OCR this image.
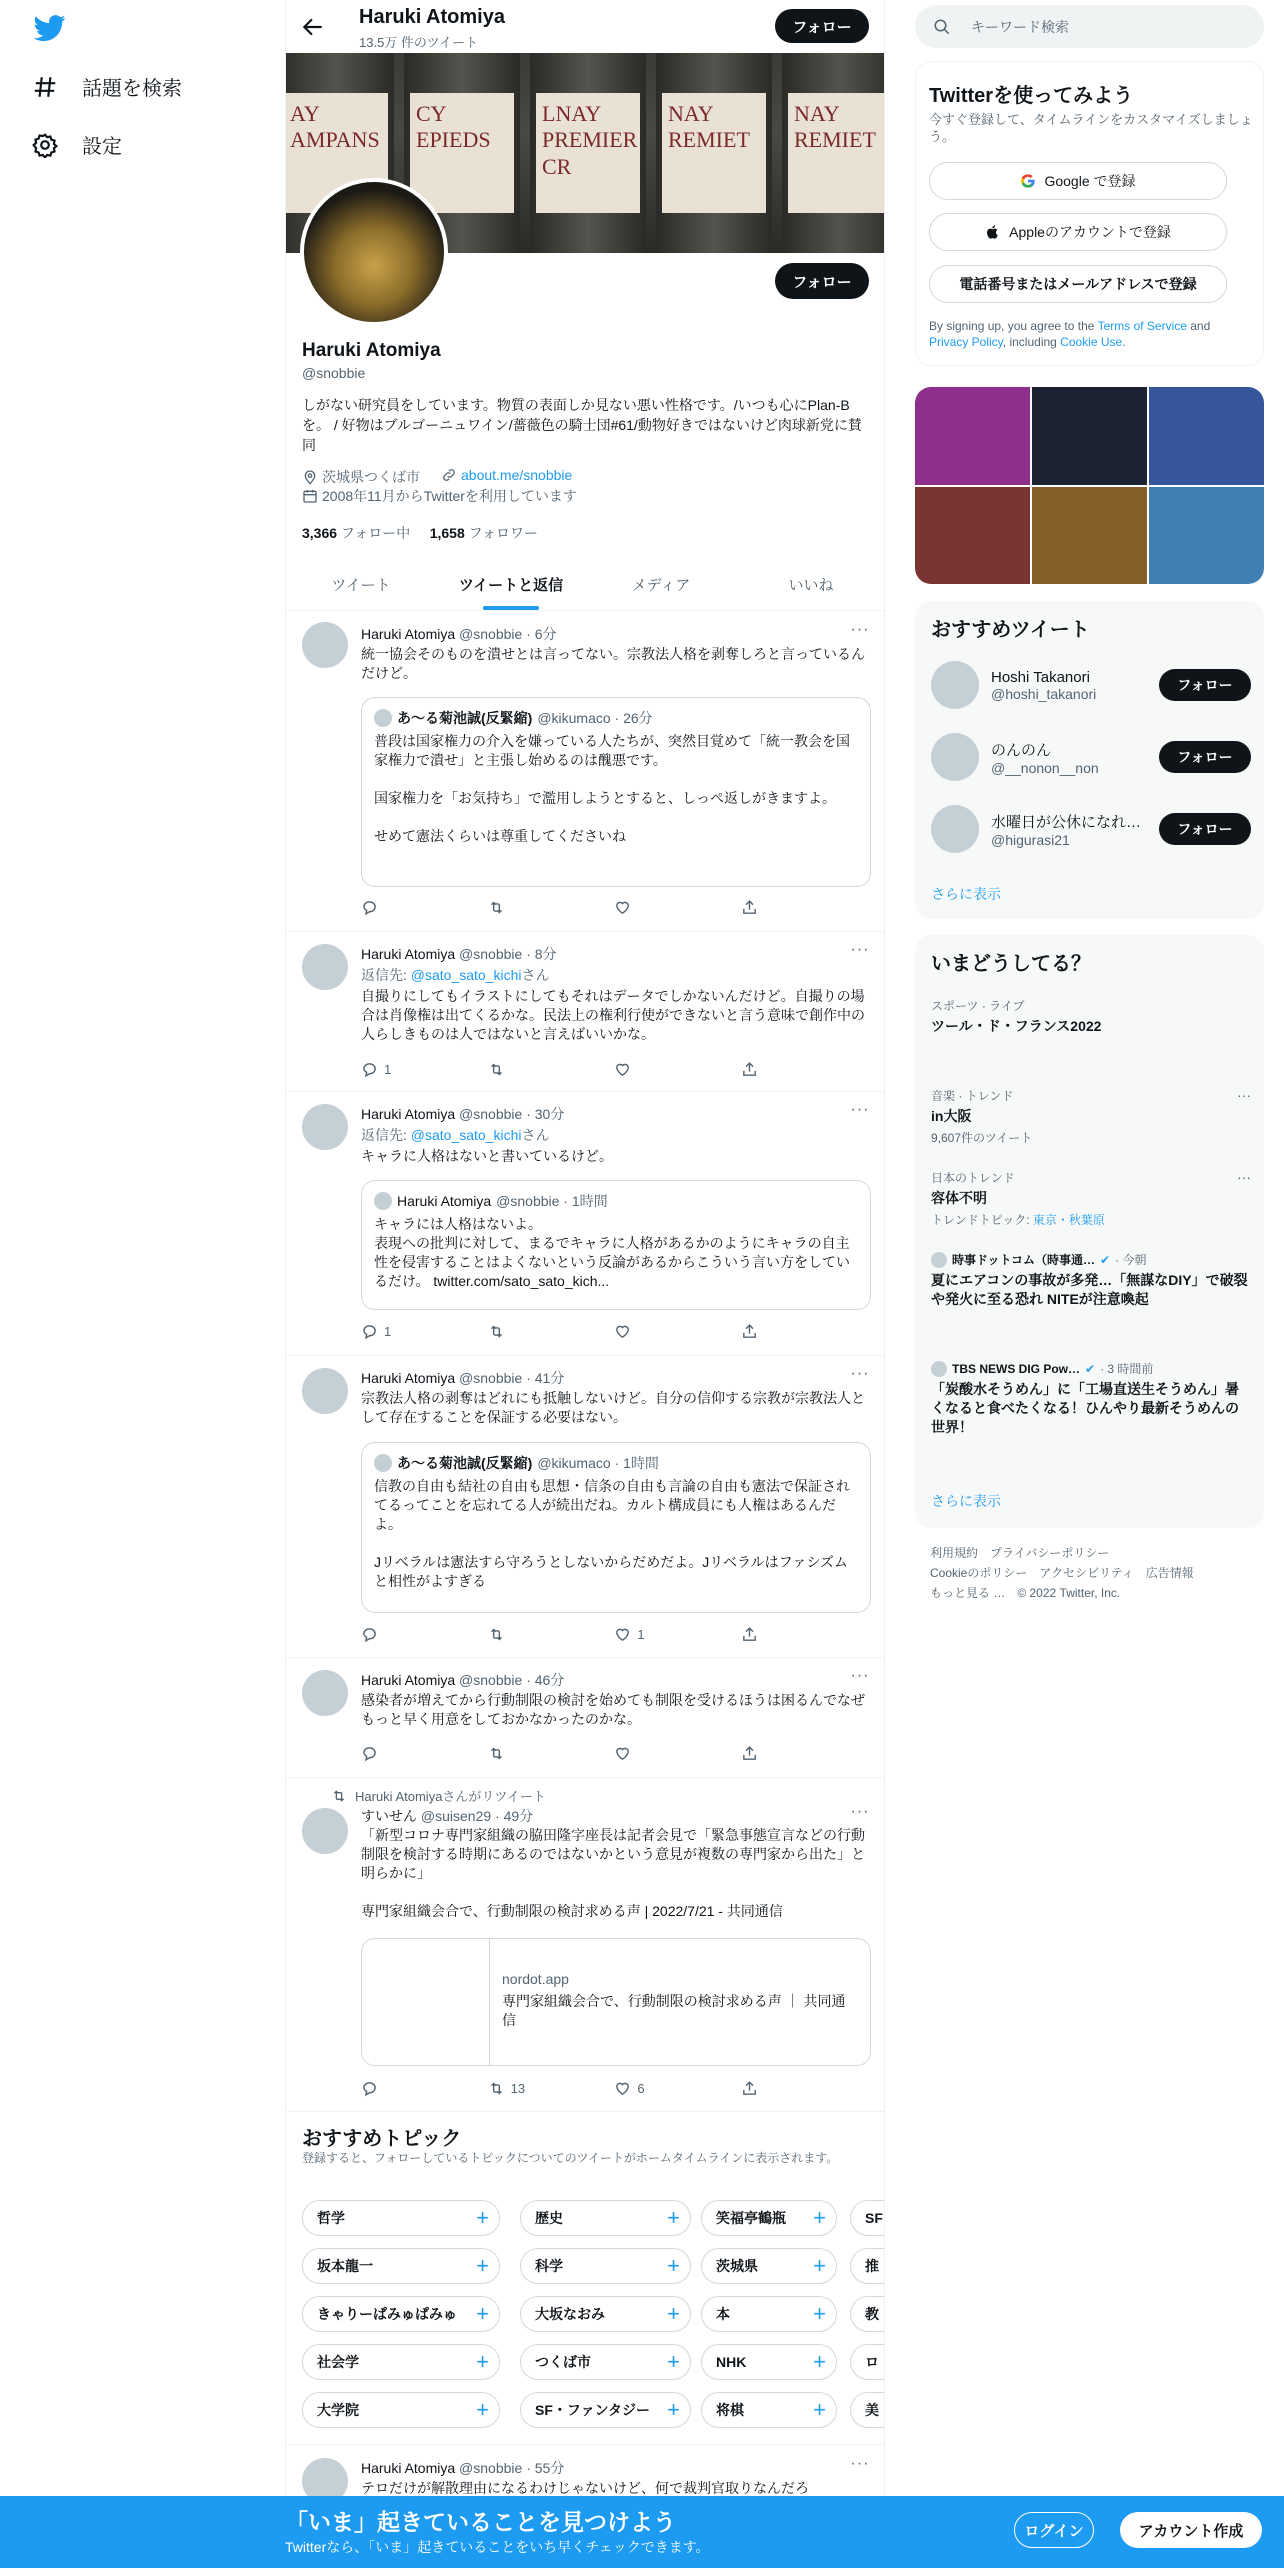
話題を検索
設定
Haruki Atomiya
13.5万 件のツイート
フォロー
AY AMPANS
CY EPIEDS
LNAY PREMIER CR
NAY REMIET
NAY REMIET
フォロー
Haruki Atomiya
@snobbie
しがない研究員をしています。物質の表面しか見ない悪い性格です。/いつも心にPlan-Bを。 / 好物はブルゴーニュワイン/薔薇色の騎士団#61/動物好きではないけど肉球新党に賛同
茨城県つくば市	about.me/snobbie
2008年11月からTwitterを利用しています
3,366 フォロー中 1,658 フォロワー
ツイート	ツイートと返信	メディア	いいね
Haruki Atomiya @snobbie · 6分	···
統一協会そのものを潰せとは言ってない。宗教法人格を剥奪しろと言っているんだけど。
あ〜る菊池誠(反緊縮) @kikumaco · 26分
普段は国家権力の介入を嫌っている人たちが、突然目覚めて「統一教会を国家権力で潰せ」と主張し始めるのは醜悪です。

国家権力を「お気持ち」で濫用しようとすると、しっぺ返しがきますよ。

せめて憲法くらいは尊重してくださいね
Haruki Atomiya @snobbie · 8分	···
返信先: @sato_sato_kichiさん
自撮りにしてもイラストにしてもそれはデータでしかないんだけど。自撮りの場合は肖像権は出てくるかな。民法上の権利行使ができないと言う意味で創作中の人らしきものは人ではないと言えばいいかな。
1
Haruki Atomiya @snobbie · 30分	···
返信先: @sato_sato_kichiさん
キャラに人格はないと書いているけど。
Haruki Atomiya @snobbie · 1時間
キャラには人格はないよ。
表現への批判に対して、まるでキャラに人格があるかのようにキャラの自主性を侵害することはよくないという反論があるからこういう言い方をしているだけ。 twitter.com/sato_sato_kich...
1
Haruki Atomiya @snobbie · 41分	···
宗教法人格の剥奪はどれにも抵触しないけど。自分の信仰する宗教が宗教法人として存在することを保証する必要はない。
あ〜る菊池誠(反緊縮) @kikumaco · 1時間
信教の自由も結社の自由も思想・信条の自由も言論の自由も憲法で保証されてるってことを忘れてる人が続出だね。カルト構成員にも人権はあるんだよ。

Jリベラルは憲法すら守ろうとしないからだめだよ。Jリベラルはファシズムと相性がよすぎる
1
Haruki Atomiya @snobbie · 46分	···
感染者が増えてから行動制限の検討を始めても制限を受けるほうは困るんでなぜもっと早く用意をしておかなかったのかな。
Haruki Atomiyaさんがリツイート
すいせん @suisen29 · 49分	···
「新型コロナ専門家組織の脇田隆字座長は記者会見で「緊急事態宣言などの行動制限を検討する時期にあるのではないかという意見が複数の専門家から出た」と明らかに」

専門家組織会合で、行動制限の検討求める声 | 2022/7/21 - 共同通信
nordot.app
専門家組織会合で、行動制限の検討求める声 ｜ 共同通信
13	6
おすすめトピック
登録すると、フォローしているトピックについてのツイートがホームタイムラインに表示されます。
哲学	+	歴史	+	笑福亭鶴瓶 +	SF
坂本龍一	+	科学	+	茨城県	+	推
きゃりーぱみゅぱみゅ +	大坂なおみ	+	本	+	教
社会学	+	つくば市	+	NHK	+	ロ
大学院	+	SF・ファンタジー +	将棋	+	美
Haruki Atomiya @snobbie · 55分	···
テロだけが解散理由になるわけじゃないけど、何で裁判官取りなんだろ
キーワード検索
Twitterを使ってみよう
今すぐ登録して、タイムラインをカスタマイズしましょう。
Google で登録
Appleのアカウントで登録
電話番号またはメールアドレスで登録
By signing up, you agree to the Terms of Service and Privacy Policy, including Cookie Use.
おすすめツイート
Hoshi Takanori
@hoshi_takanori
フォロー
のんのん
@__nonon__non
フォロー
水曜日が公休になれ…
@higurasi21
フォロー
さらに表示
いまどうしてる？
スポーツ · ライブ
ツール・ド・フランス2022
音楽 · トレンド
in大阪
9,607件のツイート
···
日本のトレンド
容体不明
トレンドトピック: 東京・秋葉原
···
時事ドットコム（時事通… ✔ · 今朝
夏にエアコンの事故が多発…「無謀なDIY」で破裂や発火に至る恐れ NITEが注意喚起
TBS NEWS DIG Pow… ✔ · 3 時間前
「炭酸水そうめん」に「工場直送生そうめん」暑くなると食べたくなる！ひんやり最新そうめんの世界！
さらに表示
利用規約　プライバシーポリシー
Cookieのポリシー　アクセシビリティ　広告情報
もっと見る …　© 2022 Twitter, Inc.
「いま」起きていることを見つけよう
Twitterなら、「いま」起きていることをいち早くチェックできます。
ログイン	アカウント作成
